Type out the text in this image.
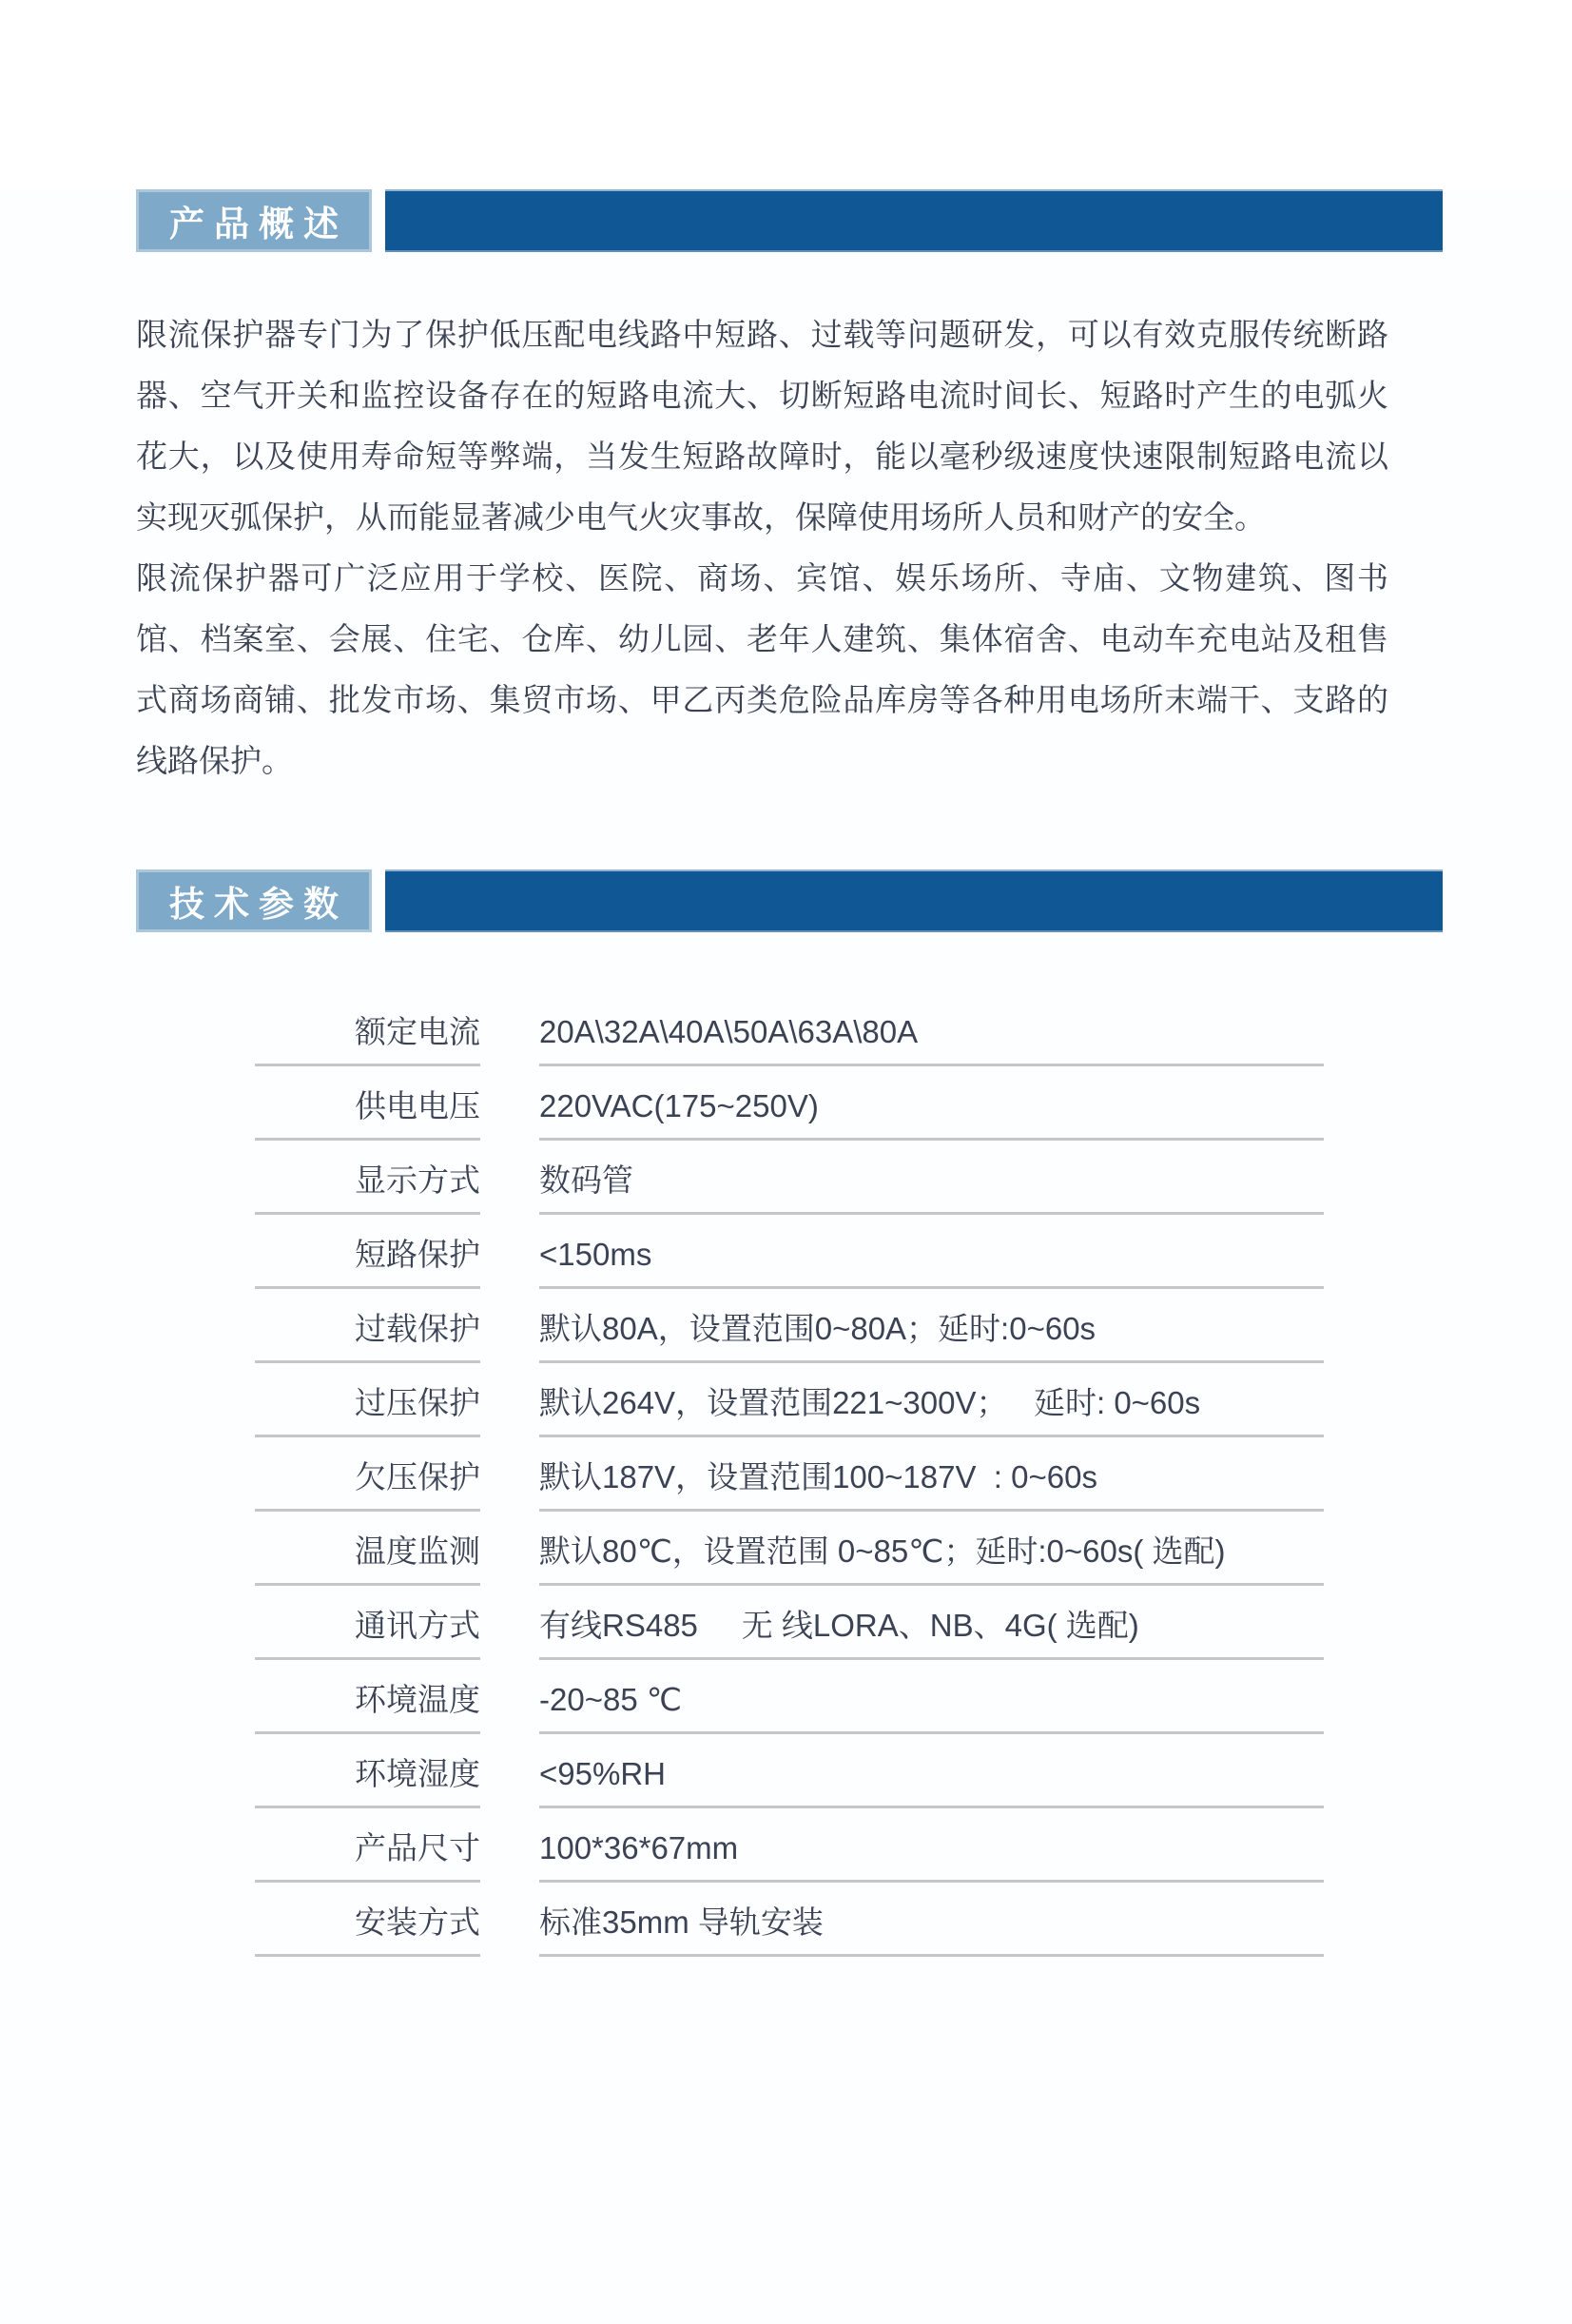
产品概述

限流保护器专门为了保护低压配电线路中短路、过载等问题研发，可以有效克服传统断路器、空气开关和监控设备存在的短路电流大、切断短路电流时间长、短路时产生的电弧火花大，以及使用寿命短等弊端，当发生短路故障时，能以毫秒级速度快速限制短路电流以实现灭弧保护，从而能显著减少电气火灾事故，保障使用场所人员和财产的安全。

限流保护器可广泛应用于学校、医院、商场、宾馆、娱乐场所、寺庙、文物建筑、图书馆、档案室、会展、住宅、仓库、幼儿园、老年人建筑、集体宿舍、电动车充电站及租售式商场商铺、批发市场、集贸市场、甲乙丙类危险品库房等各种用电场所末端干、支路的线路保护。

技术参数
额定电流 20A\32A\40A\50A\63A\80A
供电电压 220VAC(175~250V)
显示方式 数码管
短路保护 <150ms
过载保护 默认80A，设置范围0~80A；延时:0~60s
过压保护 默认264V，设置范围221~300V；   延时: 0~60s
欠压保护 默认187V，设置范围100~187V  : 0~60s
温度监测 默认80℃，设置范围 0~85℃；延时:0~60s( 选配)
通讯方式 有线RS485     无 线LORA、NB、4G( 选配)
环境温度 -20~85 ℃
环境湿度 <95%RH
产品尺寸 100*36*67mm
安装方式 标准35mm 导轨安装
